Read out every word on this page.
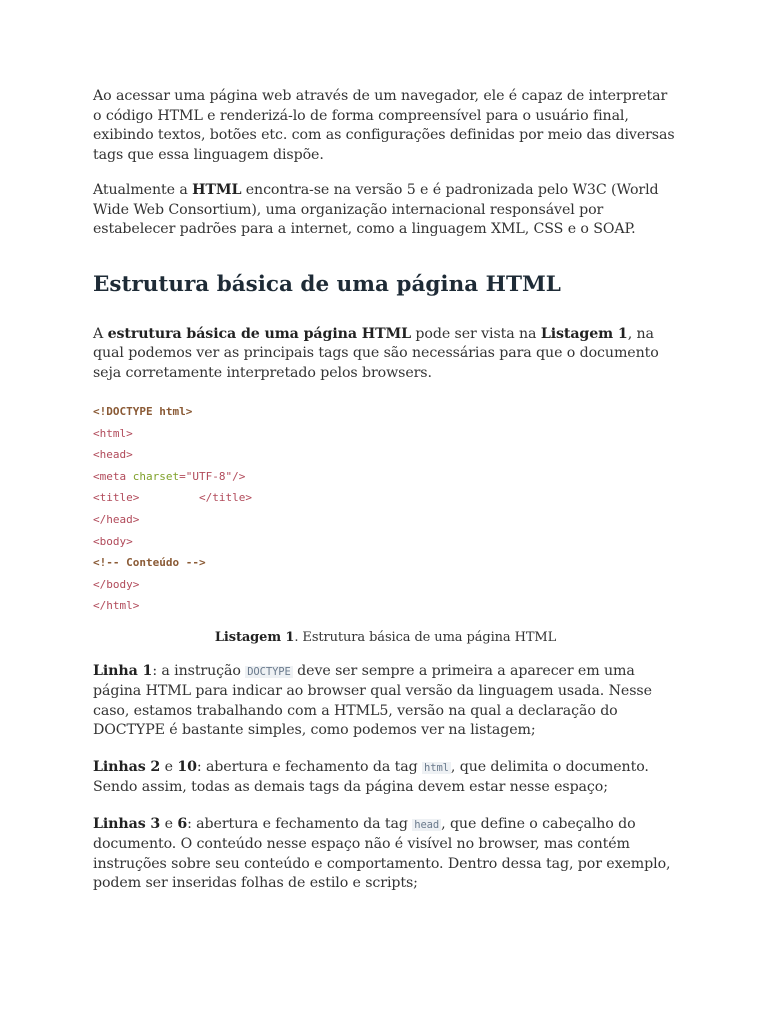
Ao acessar uma página web através de um navegador, ele é capaz de interpretar o código HTML e renderizá-lo de forma compreensível para o usuário final, exibindo textos, botões etc. com as configurações definidas por meio das diversas tags que essa linguagem dispõe.

Atualmente a HTML encontra-se na versão 5 e é padronizada pelo W3C (World Wide Web Consortium), uma organização internacional responsável por estabelecer padrões para a internet, como a linguagem XML, CSS e o SOAP.

Estrutura básica de uma página HTML

A estrutura básica de uma página HTML pode ser vista na Listagem 1, na qual podemos ver as principais tags que são necessárias para que o documento seja corretamente interpretado pelos browsers.

<!DOCTYPE html>
<html>
<head>
<meta charset="UTF-8"/>
<title>         </title>
</head>
<body>
<!-- Conteúdo -->
</body>
</html>

Listagem 1. Estrutura básica de uma página HTML

Linha 1: a instrução DOCTYPE deve ser sempre a primeira a aparecer em uma página HTML para indicar ao browser qual versão da linguagem usada. Nesse caso, estamos trabalhando com a HTML5, versão na qual a declaração do DOCTYPE é bastante simples, como podemos ver na listagem;

Linhas 2 e 10: abertura e fechamento da tag html , que delimita o documento. Sendo assim, todas as demais tags da página devem estar nesse espaço;

Linhas 3 e 6: abertura e fechamento da tag head , que define o cabeçalho do documento. O conteúdo nesse espaço não é visível no browser, mas contém instruções sobre seu conteúdo e comportamento. Dentro dessa tag, por exemplo, podem ser inseridas folhas de estilo e scripts;
